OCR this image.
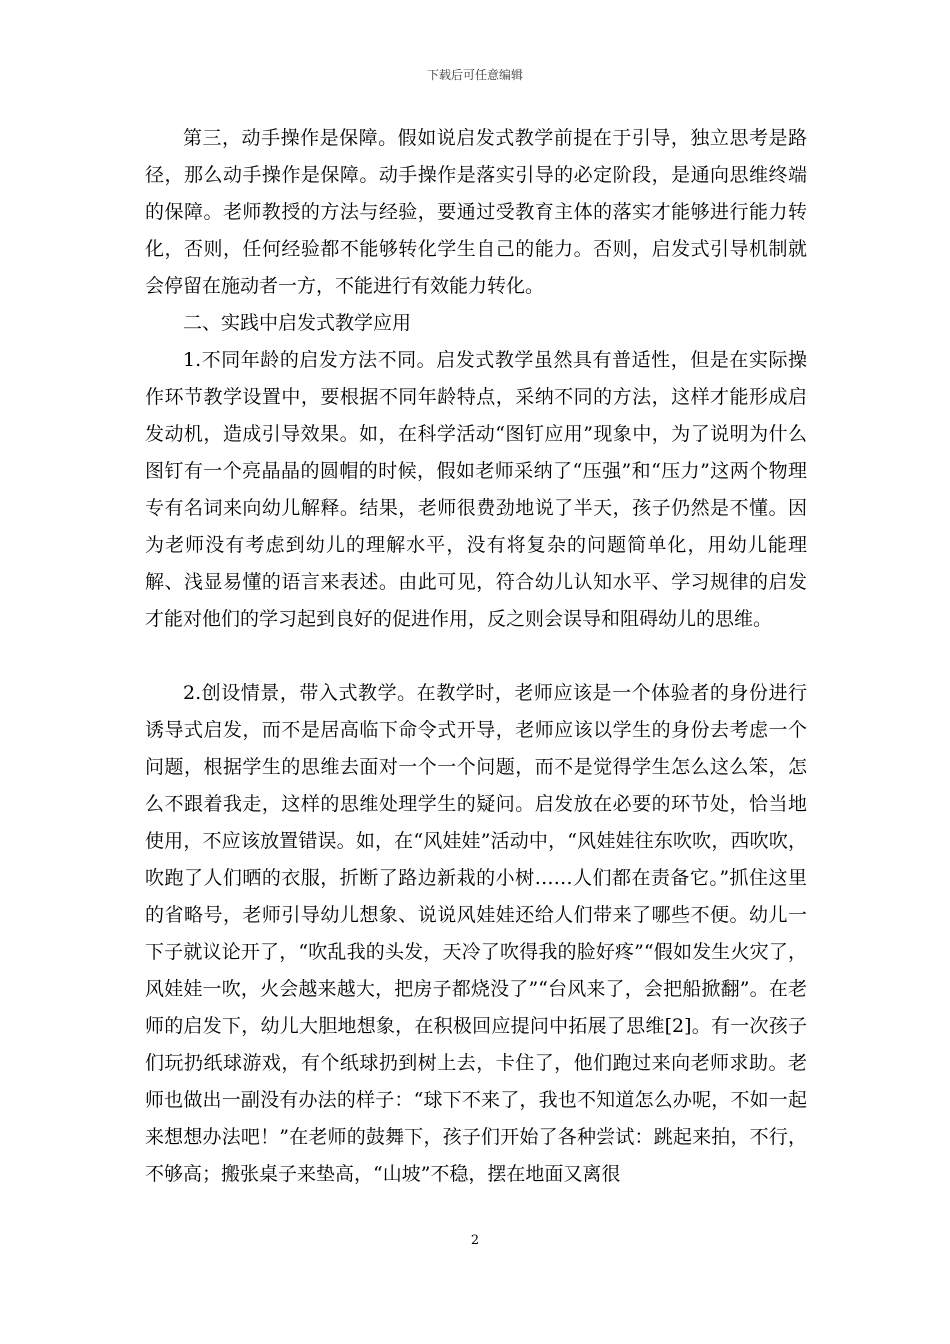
下载后可任意编辑

第三，动手操作是保障。假如说启发式教学前提在于引导，独立思考是路径，那么动手操作是保障。动手操作是落实引导的必定阶段，是通向思维终端的保障。老师教授的方法与经验，要通过受教育主体的落实才能够进行能力转化，否则，任何经验都不能够转化学生自己的能力。否则，启发式引导机制就会停留在施动者一方，不能进行有效能力转化。

二、实践中启发式教学应用

1.不同年龄的启发方法不同。启发式教学虽然具有普适性，但是在实际操作环节教学设置中，要根据不同年龄特点，采纳不同的方法，这样才能形成启发动机，造成引导效果。如，在科学活动“图钉应用”现象中，为了说明为什么图钉有一个亮晶晶的圆帽的时候，假如老师采纳了“压强”和“压力”这两个物理专有名词来向幼儿解释。结果，老师很费劲地说了半天，孩子仍然是不懂。因为老师没有考虑到幼儿的理解水平，没有将复杂的问题简单化，用幼儿能理解、浅显易懂的语言来表述。由此可见，符合幼儿认知水平、学习规律的启发才能对他们的学习起到良好的促进作用，反之则会误导和阻碍幼儿的思维。

2.创设情景，带入式教学。在教学时，老师应该是一个体验者的身份进行诱导式启发，而不是居高临下命令式开导，老师应该以学生的身份去考虑一个问题，根据学生的思维去面对一个一个问题，而不是觉得学生怎么这么笨，怎么不跟着我走，这样的思维处理学生的疑问。启发放在必要的环节处，恰当地使用，不应该放置错误。如，在“风娃娃”活动中，“风娃娃往东吹吹，西吹吹，吹跑了人们晒的衣服，折断了路边新栽的小树……人们都在责备它。”抓住这里的省略号，老师引导幼儿想象、说说风娃娃还给人们带来了哪些不便。幼儿一下子就议论开了，“吹乱我的头发，天冷了吹得我的脸好疼”“假如发生火灾了，风娃娃一吹，火会越来越大，把房子都烧没了”“台风来了，会把船掀翻”。在老师的启发下，幼儿大胆地想象，在积极回应提问中拓展了思维[2]。有一次孩子们玩扔纸球游戏，有个纸球扔到树上去，卡住了，他们跑过来向老师求助。老师也做出一副没有办法的样子：“球下不来了，我也不知道怎么办呢，不如一起来想想办法吧！”在老师的鼓舞下，孩子们开始了各种尝试：跳起来拍，不行，不够高；搬张桌子来垫高，“山坡”不稳，摆在地面又离很

2
